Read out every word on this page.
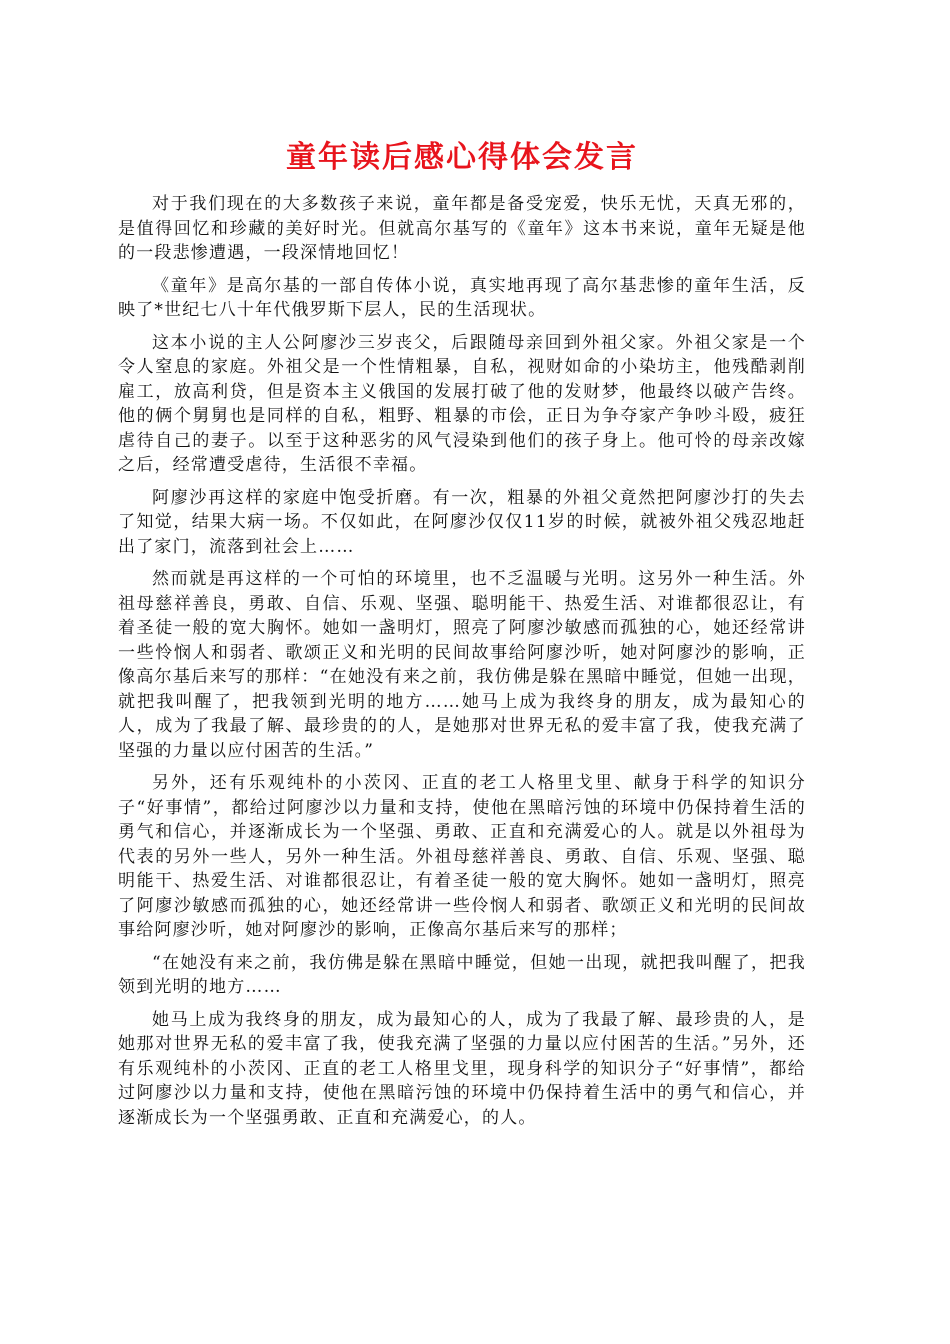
童年读后感心得体会发言

对于我们现在的大多数孩子来说，童年都是备受宠爱，快乐无忧，天真无邪的，是值得回忆和珍藏的美好时光。但就高尔基写的《童年》这本书来说，童年无疑是他的一段悲惨遭遇，一段深情地回忆！

《童年》是高尔基的一部自传体小说，真实地再现了高尔基悲惨的童年生活，反映了*世纪七八十年代俄罗斯下层人，民的生活现状。

这本小说的主人公阿廖沙三岁丧父，后跟随母亲回到外祖父家。外祖父家是一个令人窒息的家庭。外祖父是一个性情粗暴，自私，视财如命的小染坊主，他残酷剥削雇工，放高利贷，但是资本主义俄国的发展打破了他的发财梦，他最终以破产告终。他的俩个舅舅也是同样的自私，粗野、粗暴的市侩，正日为争夺家产争吵斗殴，疲狂虐待自己的妻子。以至于这种恶劣的风气浸染到他们的孩子身上。他可怜的母亲改嫁之后，经常遭受虐待，生活很不幸福。

阿廖沙再这样的家庭中饱受折磨。有一次，粗暴的外祖父竟然把阿廖沙打的失去了知觉，结果大病一场。不仅如此，在阿廖沙仅仅11岁的时候，就被外祖父残忍地赶出了家门，流落到社会上……

然而就是再这样的一个可怕的环境里，也不乏温暖与光明。这另外一种生活。外祖母慈祥善良，勇敢、自信、乐观、坚强、聪明能干、热爱生活、对谁都很忍让，有着圣徒一般的宽大胸怀。她如一盏明灯，照亮了阿廖沙敏感而孤独的心，她还经常讲一些怜悯人和弱者、歌颂正义和光明的民间故事给阿廖沙听，她对阿廖沙的影响，正像高尔基后来写的那样：“在她没有来之前，我仿佛是躲在黑暗中睡觉，但她一出现，就把我叫醒了，把我领到光明的地方……她马上成为我终身的朋友，成为最知心的人，成为了我最了解、最珍贵的的人，是她那对世界无私的爱丰富了我，使我充满了坚强的力量以应付困苦的生活。”

另外，还有乐观纯朴的小茨冈、正直的老工人格里戈里、献身于科学的知识分子“好事情”，都给过阿廖沙以力量和支持，使他在黑暗污蚀的环境中仍保持着生活的勇气和信心，并逐渐成长为一个坚强、勇敢、正直和充满爱心的人。就是以外祖母为代表的另外一些人，另外一种生活。外祖母慈祥善良、勇敢、自信、乐观、坚强、聪明能干、热爱生活、对谁都很忍让，有着圣徒一般的宽大胸怀。她如一盏明灯，照亮了阿廖沙敏感而孤独的心，她还经常讲一些伶悯人和弱者、歌颂正义和光明的民间故事给阿廖沙听，她对阿廖沙的影响，正像高尔基后来写的那样；

“在她没有来之前，我仿佛是躲在黑暗中睡觉，但她一出现，就把我叫醒了，把我领到光明的地方……

她马上成为我终身的朋友，成为最知心的人，成为了我最了解、最珍贵的人，是她那对世界无私的爱丰富了我，使我充满了坚强的力量以应付困苦的生活。”另外，还有乐观纯朴的小茨冈、正直的老工人格里戈里，现身科学的知识分子“好事情”，都给过阿廖沙以力量和支持，使他在黑暗污蚀的环境中仍保持着生活中的勇气和信心，并逐渐成长为一个坚强勇敢、正直和充满爱心，的人。
